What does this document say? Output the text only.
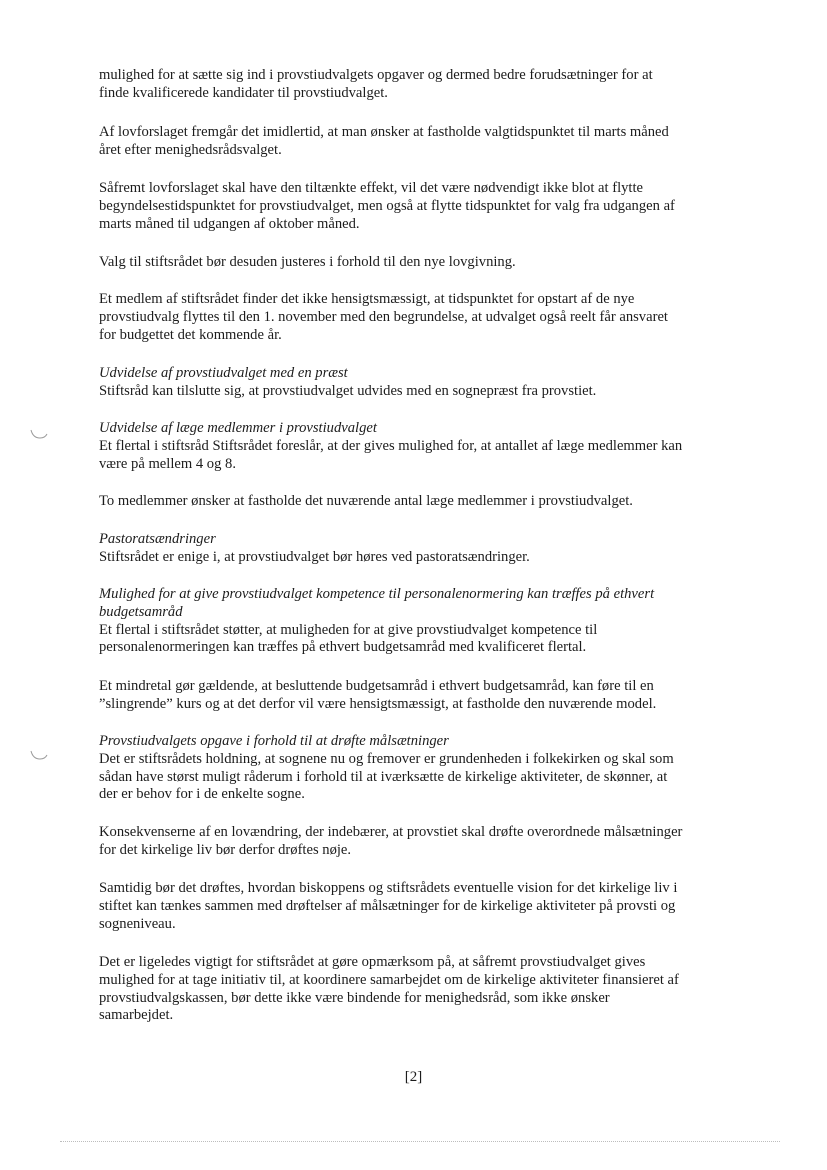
mulighed for at sætte sig ind i provstiudvalgets opgaver og dermed bedre forudsætninger for at
finde kvalificerede kandidater til provstiudvalget.
Af lovforslaget fremgår det imidlertid, at man ønsker at fastholde valgtidspunktet til marts måned
året efter menighedsrådsvalget.
Såfremt lovforslaget skal have den tiltænkte effekt, vil det være nødvendigt ikke blot at flytte
begyndelsestidspunktet for provstiudvalget, men også at flytte tidspunktet for valg fra udgangen af
marts måned til udgangen af oktober måned.
Valg til stiftsrådet bør desuden justeres i forhold til den nye lovgivning.
Et medlem af stiftsrådet finder det ikke hensigtsmæssigt, at tidspunktet for opstart af de nye
provstiudvalg flyttes til den 1. november med den begrundelse, at udvalget også reelt får ansvaret
for budgettet det kommende år.
Udvidelse af provstiudvalget med en præst
Stiftsråd kan tilslutte sig, at provstiudvalget udvides med en sognepræst fra provstiet.
Udvidelse af læge medlemmer i provstiudvalget
Et flertal i stiftsråd Stiftsrådet foreslår, at der gives mulighed for, at antallet af læge medlemmer kan
være på mellem 4 og 8.
To medlemmer ønsker at fastholde det nuværende antal læge medlemmer i provstiudvalget.
Pastoratsændringer
Stiftsrådet er enige i, at provstiudvalget bør høres ved pastoratsændringer.
Mulighed for at give provstiudvalget kompetence til personalenormering kan træffes på ethvert
budgetsamråd
Et flertal i stiftsrådet støtter, at muligheden for at give provstiudvalget kompetence til
personalenormeringen kan træffes på ethvert budgetsamråd med kvalificeret flertal.
Et mindretal gør gældende, at besluttende budgetsamråd i ethvert budgetsamråd, kan føre til en
”slingrende” kurs og at det derfor vil være hensigtsmæssigt, at fastholde den nuværende model.
Provstiudvalgets opgave i forhold til at drøfte målsætninger
Det er stiftsrådets holdning, at sognene nu og fremover er grundenheden i folkekirken og skal som
sådan have størst muligt råderum i forhold til at iværksætte de kirkelige aktiviteter, de skønner, at
der er behov for i de enkelte sogne.
Konsekvenserne af en lovændring, der indebærer, at provstiet skal drøfte overordnede målsætninger
for det kirkelige liv bør derfor drøftes nøje.
Samtidig bør det drøftes, hvordan biskoppens og stiftsrådets eventuelle vision for det kirkelige liv i
stiftet kan tænkes sammen med drøftelser af målsætninger for de kirkelige aktiviteter på provsti og
sogneniveau.
Det er ligeledes vigtigt for stiftsrådet at gøre opmærksom på, at såfremt provstiudvalget gives
mulighed for at tage initiativ til, at koordinere samarbejdet om de kirkelige aktiviteter finansieret af
provstiudvalgskassen, bør dette ikke være bindende for menighedsråd, som ikke ønsker
samarbejdet.
[2]
